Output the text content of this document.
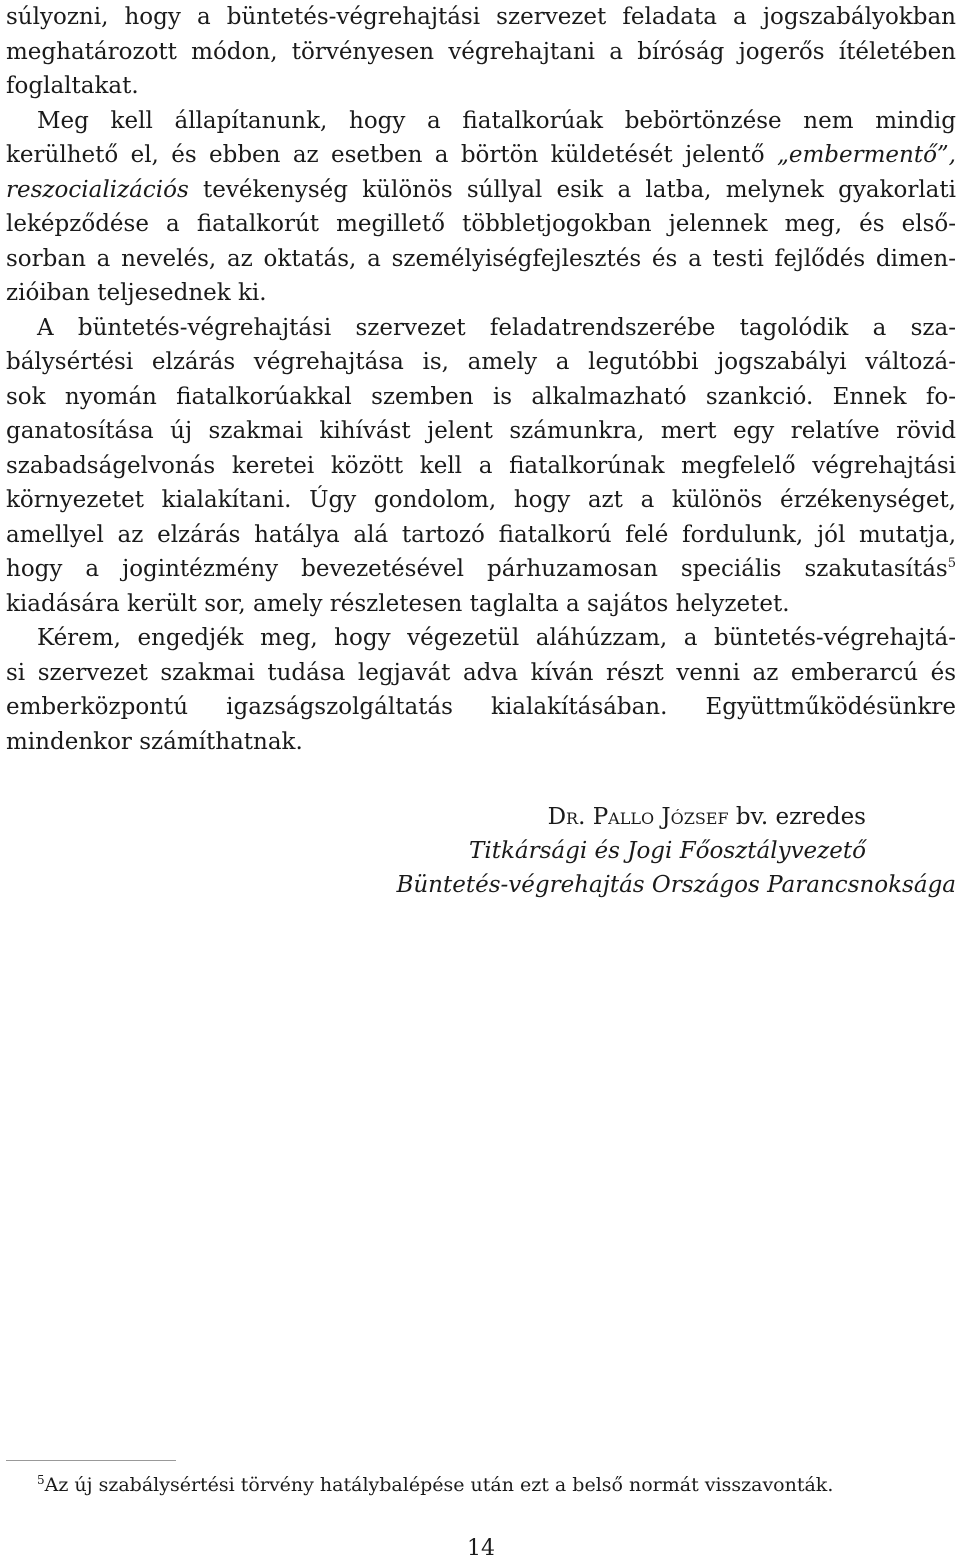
súlyozni, hogy a büntetés-végrehajtási szervezet feladata a jogszabályokban
meghatározott módon, törvényesen végrehajtani a bíróság jogerős ítéletében
foglaltakat.
Meg kell állapítanunk, hogy a fiatalkorúak bebörtönzése nem mindig
kerülhető el, és ebben az esetben a börtön küldetését jelentő „embermentő”,
reszocializációs tevékenység különös súllyal esik a latba, melynek gyakorlati
leképződése a fiatalkorút megillető többletjogokban jelennek meg, és első-
sorban a nevelés, az oktatás, a személyiségfejlesztés és a testi fejlődés dimen-
zióiban teljesednek ki.
A büntetés-végrehajtási szervezet feladatrendszerébe tagolódik a sza-
bálysértési elzárás végrehajtása is, amely a legutóbbi jogszabályi változá-
sok nyomán fiatalkorúakkal szemben is alkalmazható szankció. Ennek fo-
ganatosítása új szakmai kihívást jelent számunkra, mert egy relatíve rövid
szabadságelvonás keretei között kell a fiatalkorúnak megfelelő végrehajtási
környezetet kialakítani. Úgy gondolom, hogy azt a különös érzékenységet,
amellyel az elzárás hatálya alá tartozó fiatalkorú felé fordulunk, jól mutatja,
hogy a jogintézmény bevezetésével párhuzamosan speciális szakutasítás$^5$
kiadására került sor, amely részletesen taglalta a sajátos helyzetet.
Kérem, engedjék meg, hogy végezetül aláhúzzam, a büntetés-végrehajtá-
si szervezet szakmai tudása legjavát adva kíván részt venni az emberarcú és
emberközpontú igazságszolgáltatás kialakításában. Együttműködésünkre
mindenkor számíthatnak.
Dr. Pallo József bv. ezredes
Titkársági és Jogi Főosztályvezető
Büntetés-végrehajtás Országos Parancsnoksága
$^5$Az új szabálysértési törvény hatálybalépése után ezt a belső normát visszavonták.
14
